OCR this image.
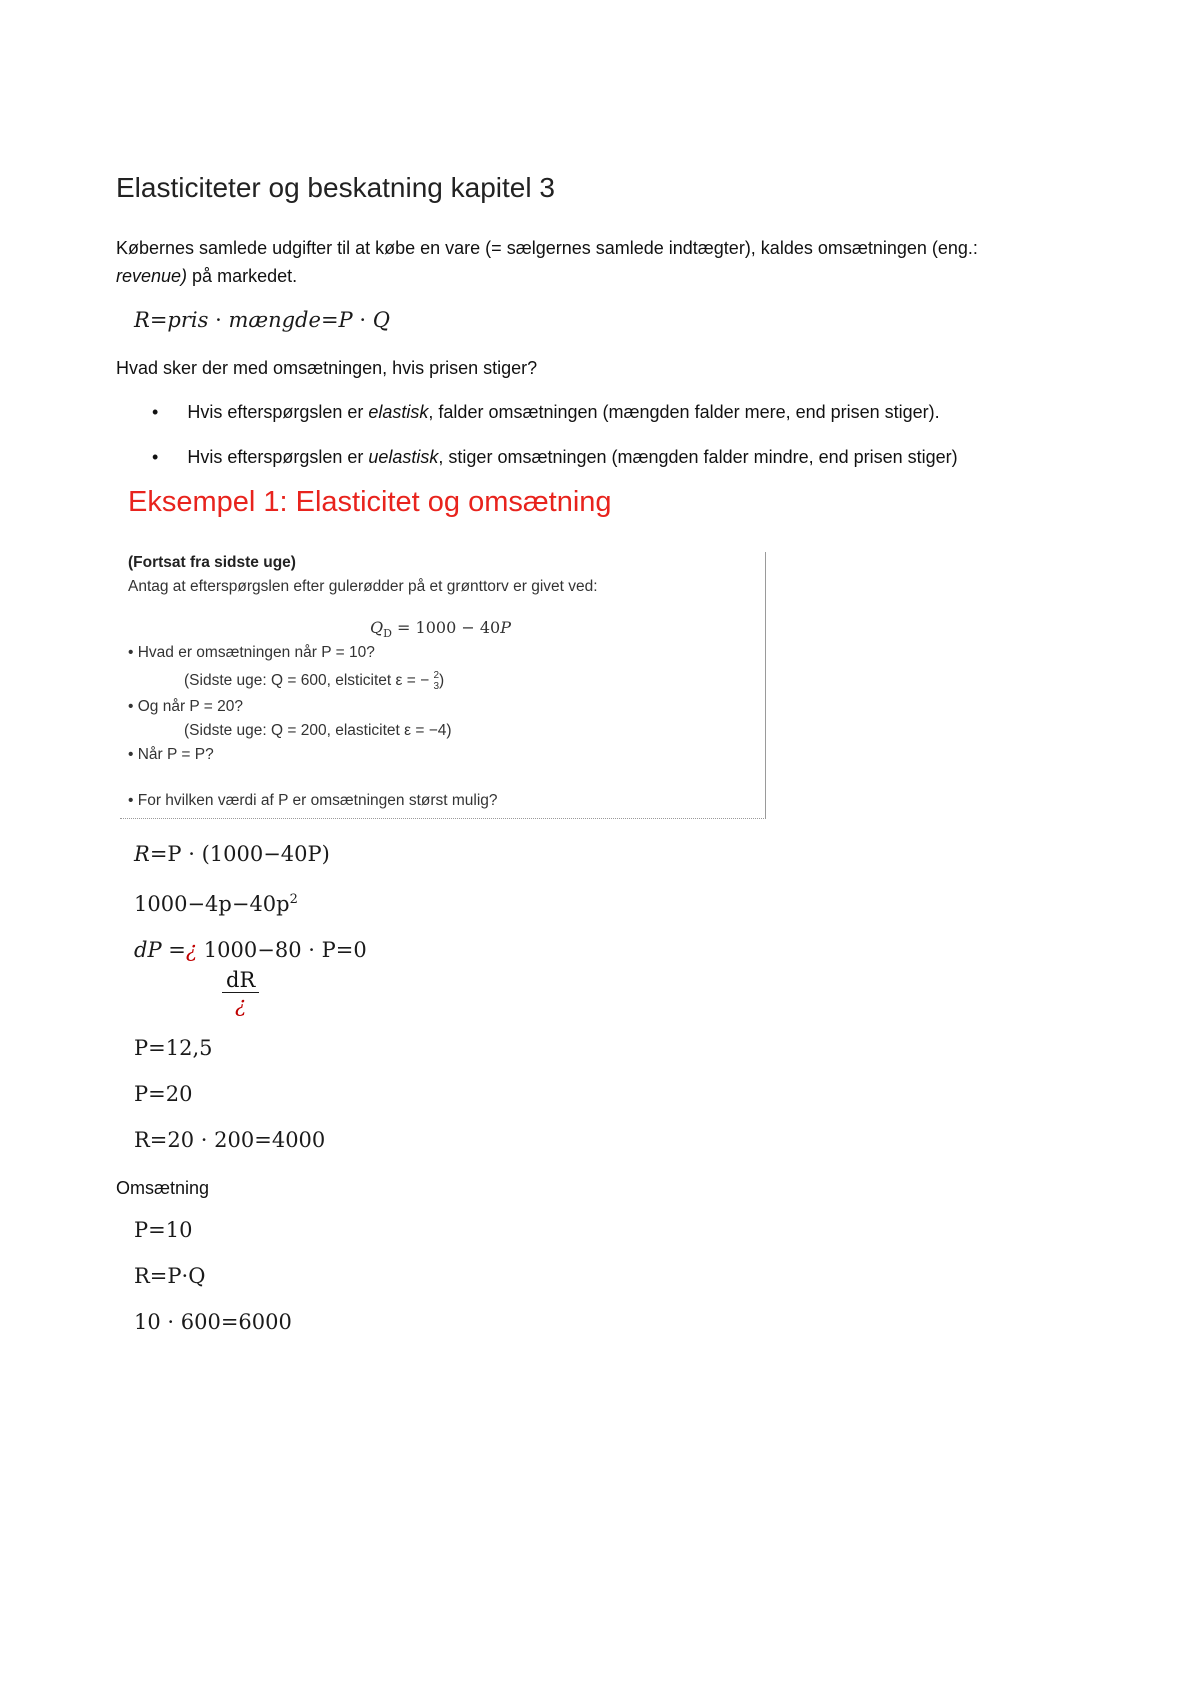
Elasticiteter og beskatning kapitel 3
Købernes samlede udgifter til at købe en vare (= sælgernes samlede indtægter), kaldes omsætningen (eng.:
revenue) på markedet.
R=pris · mængde=P · Q
Hvad sker der med omsætningen, hvis prisen stiger?
• Hvis efterspørgslen er elastisk, falder omsætningen (mængden falder mere, end prisen stiger).
• Hvis efterspørgslen er uelastisk, stiger omsætningen (mængden falder mindre, end prisen stiger)
Eksempel 1: Elasticitet og omsætning
(Fortsat fra sidste uge)
Antag at efterspørgslen efter gulerødder på et grønttorv er givet ved:
$Q_D = 1000 - 40P$
• Hvad er omsætningen når P = 10?
(Sidste uge: Q = 600, elsticitet ε = − 2
3 )
• Og når P = 20?
(Sidste uge: Q = 200, elasticitet ε = −4)
• Når P = P?
• For hvilken værdi af P er omsætningen størst mulig?
R=P · (1000−40P)
$1000-4p-40p^2$
dP =¿ 1000−80 · P=0
dR
¿
P=12,5
P=20
R=20 · 200=4000
Omsætning
P=10
R=P·Q
10 · 600=6000
